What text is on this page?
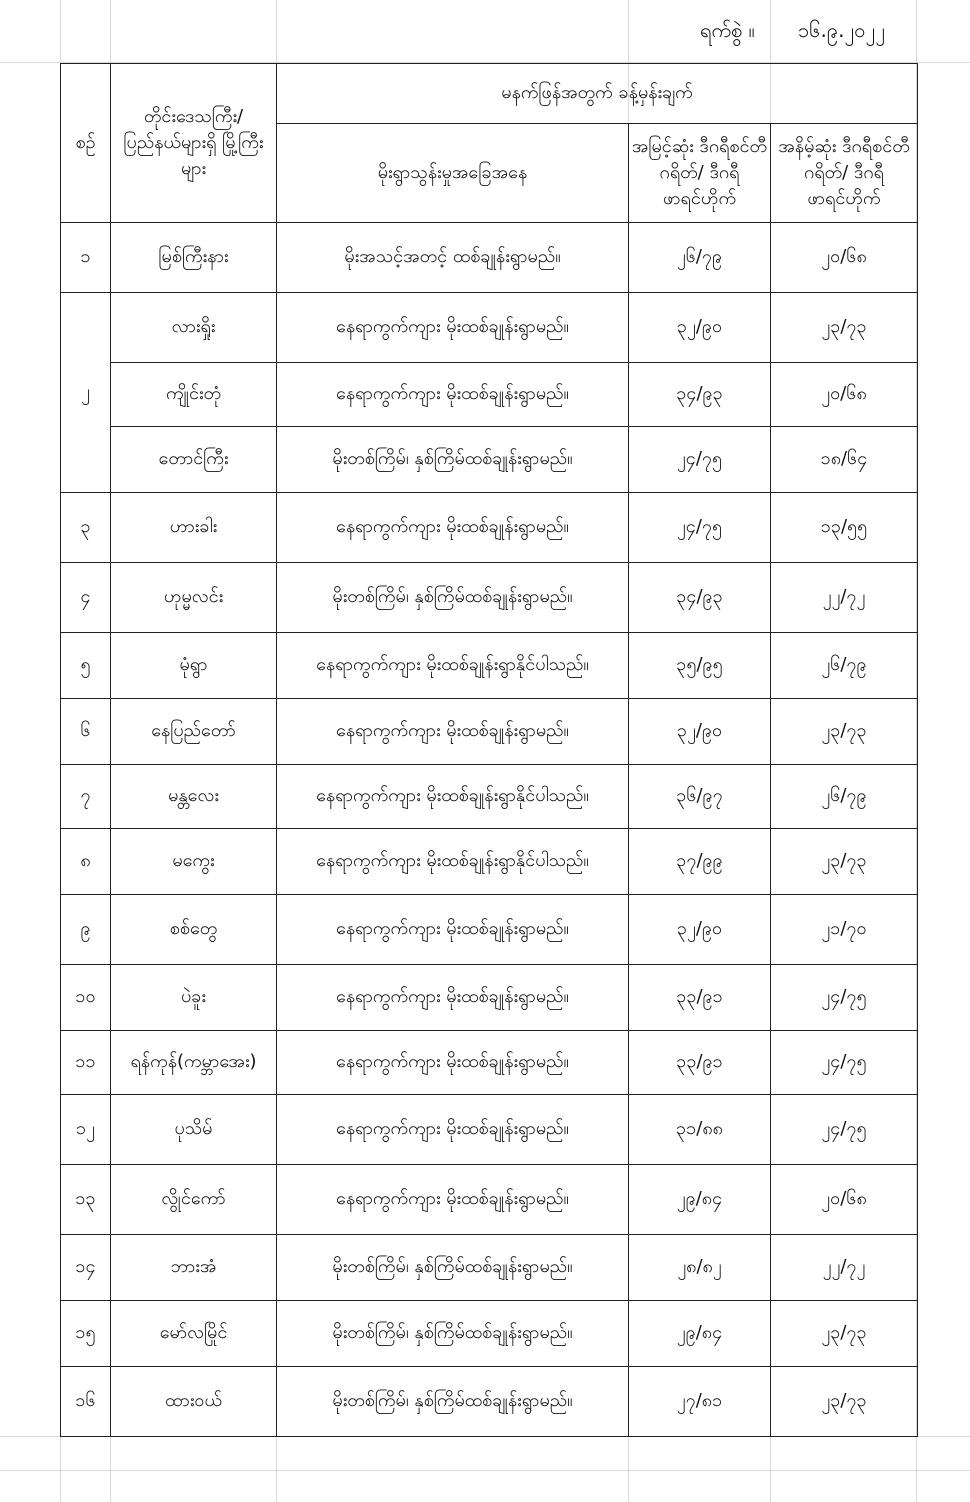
ရက်စွဲ ။	၁၆.၉.၂၀၂၂
စဉ်	တိုင်းဒေသကြီး/ ပြည်နယ်များရှိ မြို့ကြီးများ	မနက်ဖြန်အတွက် ခန့်မှန်းချက်		
		မိုးရွာသွန်းမှုအခြေအနေ	အမြင့်ဆုံး ဒီဂရီစင်တီဂရိတ်/ ဒီဂရီဖာရင်ဟိုက်	အနိမ့်ဆုံး ဒီဂရီစင်တီဂရိတ်/ ဒီဂရီဖာရင်ဟိုက်
၁	မြစ်ကြီးနား	မိုးအသင့်အတင့် ထစ်ချုန်းရွာမည်။	၂၆/၇၉	၂၀/၆၈
၂	လားရှိုး	နေရာကွက်ကျား မိုးထစ်ချုန်းရွာမည်။	၃၂/၉၀	၂၃/၇၃
	ကျိုင်းတုံ	နေရာကွက်ကျား မိုးထစ်ချုန်းရွာမည်။	၃၄/၉၃	၂၀/၆၈
	တောင်ကြီး	မိုးတစ်ကြိမ်၊ နှစ်ကြိမ်ထစ်ချုန်းရွာမည်။	၂၄/၇၅	၁၈/၆၄
၃	ဟားခါး	နေရာကွက်ကျား မိုးထစ်ချုန်းရွာမည်။	၂၄/၇၅	၁၃/၅၅
၄	ဟုမ္မလင်း	မိုးတစ်ကြိမ်၊ နှစ်ကြိမ်ထစ်ချုန်းရွာမည်။	၃၄/၉၃	၂၂/၇၂
၅	မုံရွာ	နေရာကွက်ကျား မိုးထစ်ချုန်းရွာနိုင်ပါသည်။	၃၅/၉၅	၂၆/၇၉
၆	နေပြည်တော်	နေရာကွက်ကျား မိုးထစ်ချုန်းရွာမည်။	၃၂/၉၀	၂၃/၇၃
၇	မန္တလေး	နေရာကွက်ကျား မိုးထစ်ချုန်းရွာနိုင်ပါသည်။	၃၆/၉၇	၂၆/၇၉
၈	မကွေး	နေရာကွက်ကျား မိုးထစ်ချုန်းရွာနိုင်ပါသည်။	၃၇/၉၉	၂၃/၇၃
၉	စစ်တွေ	နေရာကွက်ကျား မိုးထစ်ချုန်းရွာမည်။	၃၂/၉၀	၂၁/၇၀
၁၀	ပဲခူး	နေရာကွက်ကျား မိုးထစ်ချုန်းရွာမည်။	၃၃/၉၁	၂၄/၇၅
၁၁	ရန်ကုန်(ကမ္ဘာအေး)	နေရာကွက်ကျား မိုးထစ်ချုန်းရွာမည်။	၃၃/၉၁	၂၄/၇၅
၁၂	ပုသိမ်	နေရာကွက်ကျား မိုးထစ်ချုန်းရွာမည်။	၃၁/၈၈	၂၄/၇၅
၁၃	လွိုင်ကော်	နေရာကွက်ကျား မိုးထစ်ချုန်းရွာမည်။	၂၉/၈၄	၂၀/၆၈
၁၄	ဘားအံ	မိုးတစ်ကြိမ်၊ နှစ်ကြိမ်ထစ်ချုန်းရွာမည်။	၂၈/၈၂	၂၂/၇၂
၁၅	မော်လမြိုင်	မိုးတစ်ကြိမ်၊ နှစ်ကြိမ်ထစ်ချုန်းရွာမည်။	၂၉/၈၄	၂၃/၇၃
၁၆	ထားဝယ်	မိုးတစ်ကြိမ်၊ နှစ်ကြိမ်ထစ်ချုန်းရွာမည်။	၂၇/၈၁	၂၃/၇၃
